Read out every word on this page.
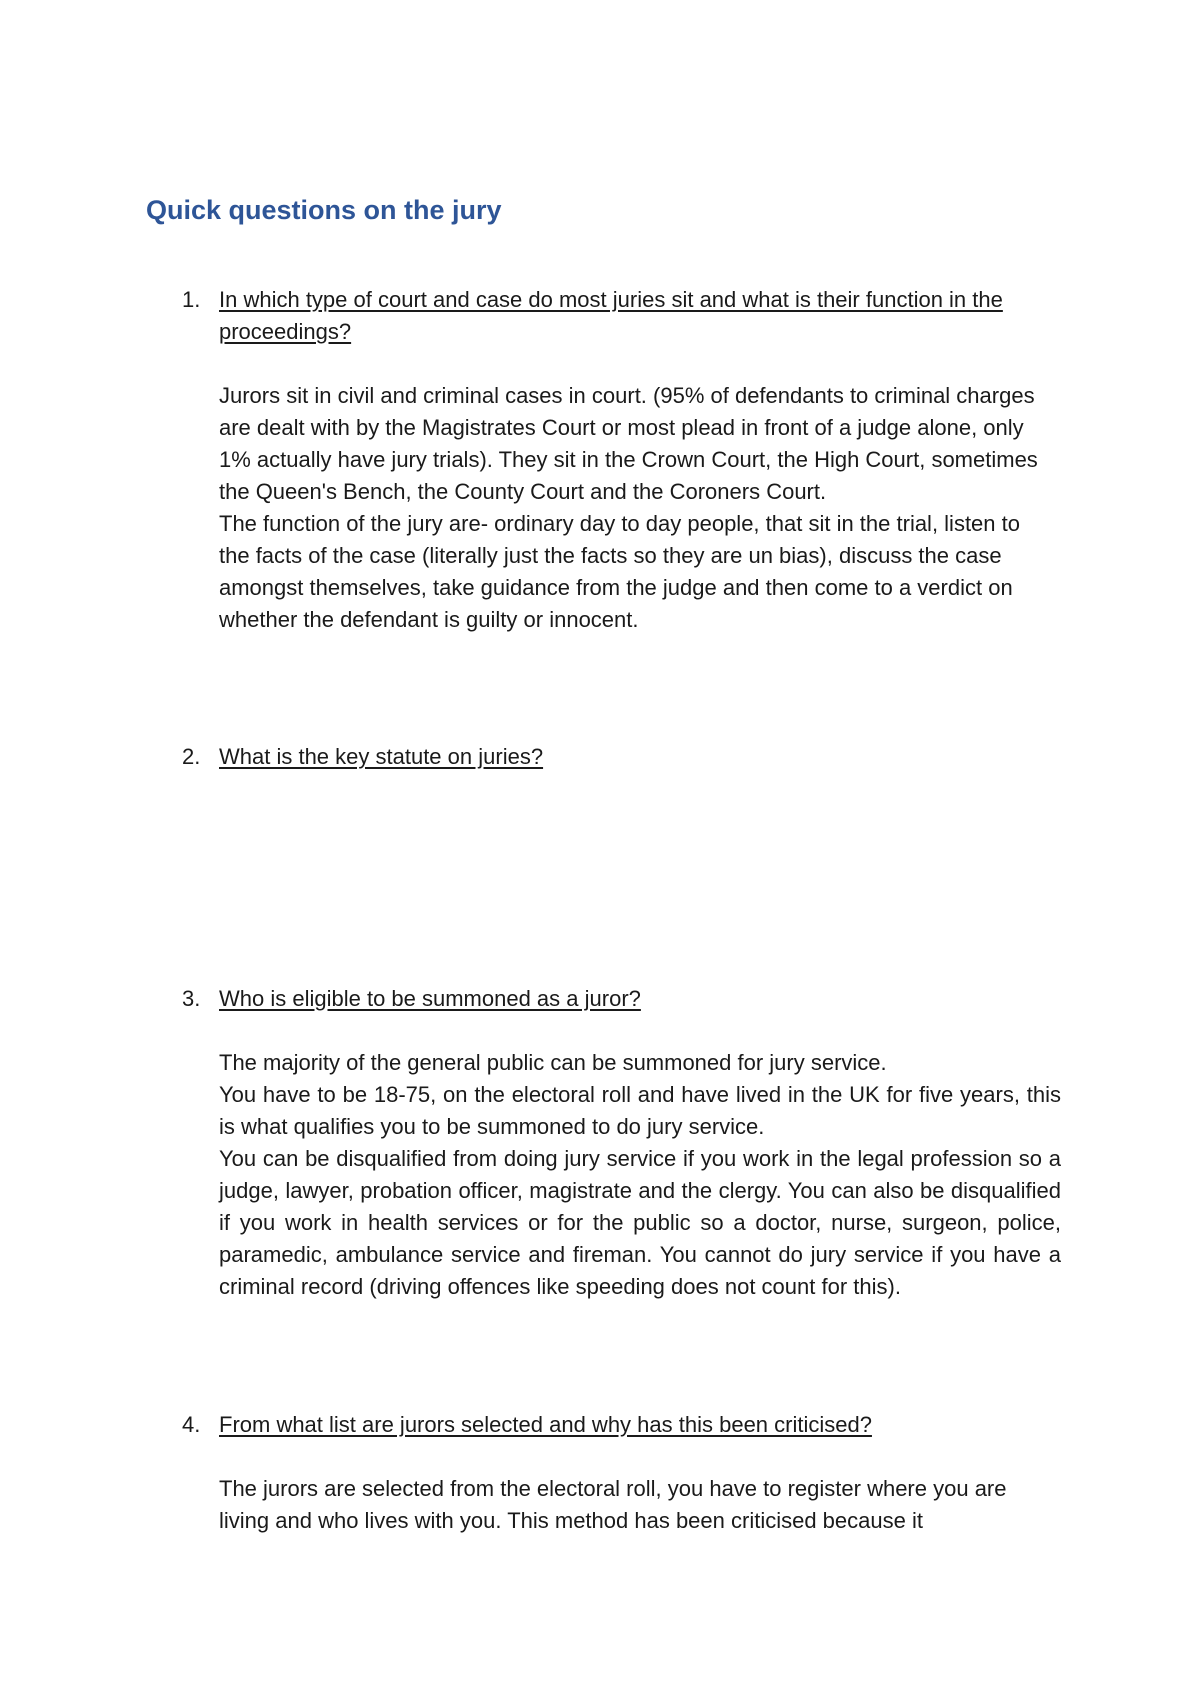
Quick questions on the jury
1. In which type of court and case do most juries sit and what is their function in the proceedings?

Jurors sit in civil and criminal cases in court. (95% of defendants to criminal charges are dealt with by the Magistrates Court or most plead in front of a judge alone, only 1% actually have jury trials). They sit in the Crown Court, the High Court, sometimes the Queen's Bench, the County Court and the Coroners Court.

The function of the jury are- ordinary day to day people, that sit in the trial, listen to the facts of the case (literally just the facts so they are un bias), discuss the case amongst themselves, take guidance from the judge and then come to a verdict on whether the defendant is guilty or innocent.

2. What is the key statute on juries?

3. Who is eligible to be summoned as a juror?

The majority of the general public can be summoned for jury service.

You have to be 18-75, on the electoral roll and have lived in the UK for five years, this is what qualifies you to be summoned to do jury service.

You can be disqualified from doing jury service if you work in the legal profession so a judge, lawyer, probation officer, magistrate and the clergy. You can also be disqualified if you work in health services or for the public so a doctor, nurse, surgeon, police, paramedic, ambulance service and fireman. You cannot do jury service if you have a criminal record (driving offences like speeding does not count for this).

4. From what list are jurors selected and why has this been criticised?

The jurors are selected from the electoral roll, you have to register where you are living and who lives with you. This method has been criticised because it
